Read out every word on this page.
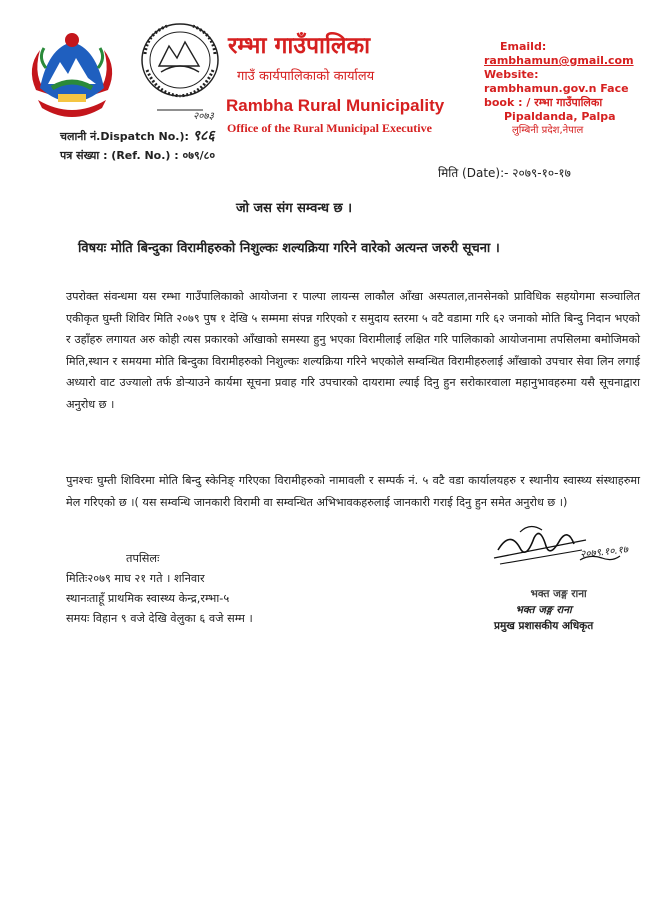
२०७३
रम्भा गाउँपालिका
गाउँ कार्यपालिकाको कार्यालय
Rambha Rural Municipality
Office of the Rural Municipal Executive
Emaild:
rambhamun@gmail.com
Website:
rambhamun.gov.n Face
book : / रम्भा गाउँपालिका
Pipaldanda, Palpa
लुम्बिनी प्रदेश,नेपाल
चलानी नं.Dispatch No.): ९८६
पत्र संख्या : (Ref. No.) : ०७९/८०
मिति (Date):- २०७९-१०-१७
जो जस संग सम्वन्ध छ ।
विषयः मोति बिन्दुका विरामीहरुको निशुल्कः शल्यक्रिया गरिने वारेको अत्यन्त जरुरी सूचना ।
उपरोक्त संवन्धमा यस रम्भा गाउँपालिकाको आयोजना र पाल्पा लायन्स लाकौल आँखा अस्पताल,तानसेनको प्राविधिक सहयोगमा सञ्चालित एकीकृत घुम्ती शिविर मिति २०७९ पुष १ देखि ५ सम्ममा संपन्न गरिएको र समुदाय स्तरमा ५ वटै वडामा गरि ६२ जनाको मोति बिन्दु निदान भएको र उहाँहरु लगायत अरु कोही त्यस प्रकारको आँखाको समस्या हुनु भएका विरामीलाई लक्षित गरि पालिकाको आयोजनामा तपसिलमा बमोजिमको मिति,स्थान र समयमा मोति बिन्दुका विरामीहरुको निशुल्कः शल्यक्रिया गरिने भएकोले सम्वन्धित विरामीहरुलाई आँखाको उपचार सेवा लिन लगाई अध्यारो वाट उज्यालो तर्फ डोऱ्याउने कार्यमा सूचना प्रवाह गरि उपचारको दायरामा ल्याई दिनु हुन सरोकारवाला महानुभावहरुमा यसै सूचनाद्वारा अनुरोध छ ।
पुनश्चः घुम्ती शिविरमा मोति बिन्दु स्केनिङ् गरिएका विरामीहरुको नामावली र सम्पर्क नं. ५ वटै वडा कार्यालयहरु र स्थानीय स्वास्थ्य संस्थाहरुमा मेल गरिएको छ ।( यस सम्वन्धि जानकारी विरामी वा सम्वन्धित अभिभावकहरुलाई जानकारी गराई दिनु हुन समेत अनुरोध छ ।)
तपसिलः
मितिः२०७९ माघ २१ गते । शनिवार
स्थानःताहूँ प्राथमिक स्वास्थ्य केन्द्र,रम्भा-५
समयः विहान ९ वजे देखि वेलुका ६ वजे सम्म ।
२०७९.१०.१७
भक्त जङ्ग राना
भक्त जङ्ग राना
प्रमुख प्रशासकीय अधिकृत
